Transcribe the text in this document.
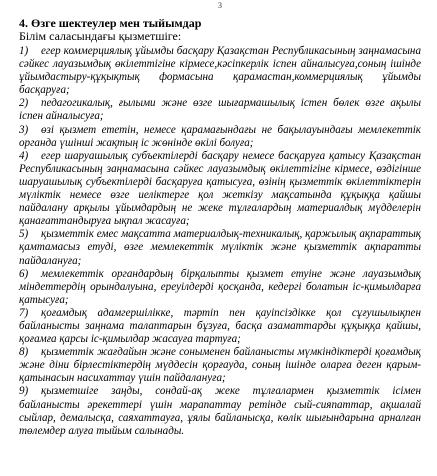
3
4. Өзге шектеулер мен тыйымдар
Білім саласындағы қызметшіге:

1) егер коммерциялық ұйымды басқару Қазақстан Республикасының заңнамасына сәйкес лауазымдық өкілеттігіне кірмесе,кәсіпкерлік іспен айналысуға,соның ішінде ұйымдастыру-құқықтық формасына қарамастан,коммерциялық ұйымды басқаруға;

2) педагогикалық, ғылыми және өзге шығармашылық істен бөлек өзге ақылы іспен айналысуға;

3) өзі қызмет ететін, немесе қарамағындағы не бақылауындағы мемлекеттік органда үшінші жақтың іс жөнінде өкілі болуға;

4) егер шаруашылық субъектілерді басқару немесе басқаруға қатысу Қазақстан Республикасының заңнамасына сәйкес лауазымдық өкілеттігіне кірмесе, өздігінше шаруашылық субъектілерді басқаруға қатысуға, өзінің қызметтік өкілеттіктерін мүліктік немесе өзге иеліктерге қол жеткізу мақсатында құқыққа қайшы пайдалану арқылы ұйымдардың не жеке тұлғалардың материалдық мүдделерін қанағаттандыруға ықпал жасауға;

5) қызметтік емес мақсатта материалдық-техникалық, қаржылық ақпараттық қамтамасыз етуді, өзге мемлекеттік мүліктік және қызметтік ақпаратты пайдалануға;

6) мемлекеттік органдардың бірқалыпты қызмет етуіне және лауазымдық міндеттердің орындалуына, ереуілдерді қосқанда, кедергі болатын іс-қимылдарға қатысуға;

7) қоғамдық адамгершілікке, тәртіп пен қауіпсіздікке қол сұғушылықпен байланысты заңнама талаптарын бұзуға, басқа азаматтарды құқыққа қайшы, қоғамға қарсы іс-қимылдар жасауға тартуға;

8) қызметтік жағдайын және соныменен байланысты мүмкіндіктерді қоғамдық және діни бірлестіктердің мүддесін қорғауда, соның ішінде оларға деген қарым-қатынасын насихаттау үшін пайдалануға;

9) қызметшіге заңды, сондай-ақ жеке тұлғалармен қызметтік ісімен байланысты әрекеттері үшін марапаттау ретінде сый-сияпаттар, ақшалай сыйлар, демалысқа, саяхаттауға, ұялы байланысқа, көлік шығындарына арналған төлемдер алуға тыйым салынады.
